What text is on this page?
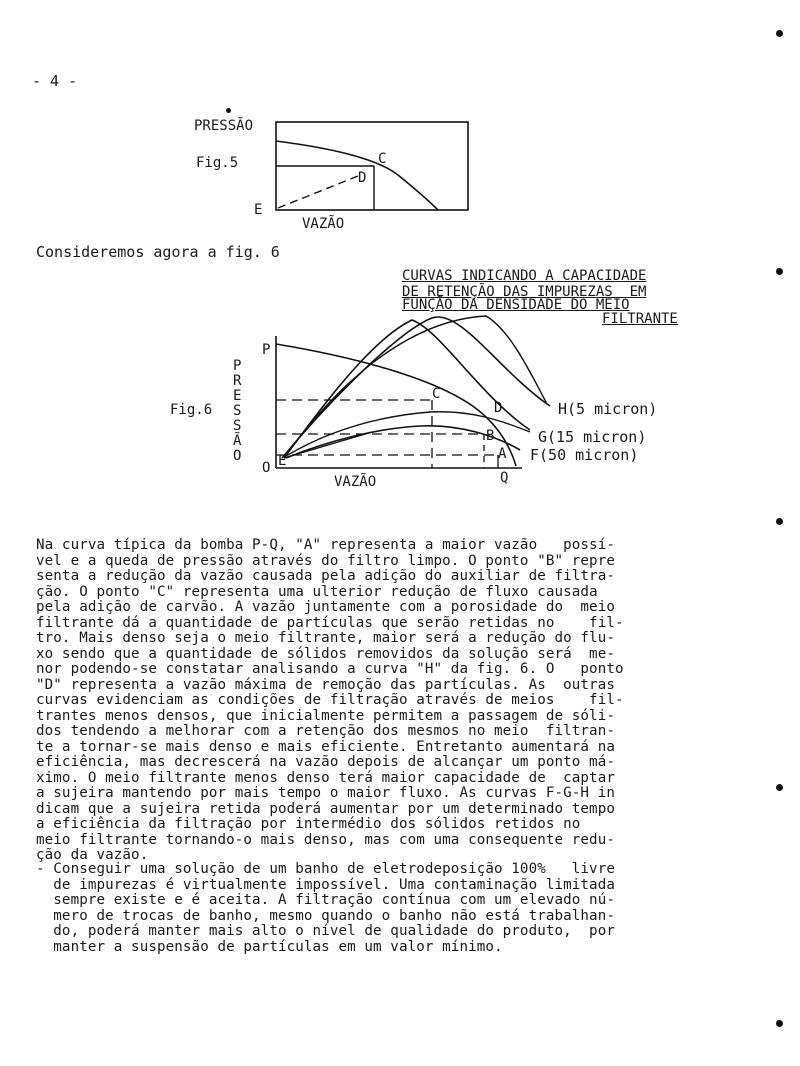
- 4 -
PRESSÃO
Fig.5
VAZÃO
E
C
D
Consideremos agora a fig. 6
CURVAS INDICANDO A CAPACIDADE
DE RETENÇÃO DAS IMPUREZAS  EM
FUNÇÃO DA DENSIDADE DO MEIO
FILTRANTE
Fig.6
P
R
E
S
S
Ã
O
P
O E
C
D
B
A
Q
VAZÃO
H(5 micron)
G(15 micron)
F(50 micron)
Na curva típica da bomba P-Q, "A" representa a maior vazão   possí-
vel e a queda de pressão através do filtro limpo. O ponto "B" repre
senta a redução da vazão causada pela adição do auxiliar de filtra-
ção. O ponto "C" representa uma ulterior redução de fluxo causada
pela adição de carvão. A vazão juntamente com a porosidade do  meio
filtrante dá a quantidade de partículas que serão retidas no    fil-
tro. Mais denso seja o meio filtrante, maior será a redução do flu-
xo sendo que a quantidade de sólidos removidos da solução será  me-
nor podendo-se constatar analisando a curva "H" da fig. 6. O   ponto
"D" representa a vazão máxima de remoção das partículas. As  outras
curvas evidenciam as condições de filtração através de meios    fil-
trantes menos densos, que inicialmente permitem a passagem de sóli-
dos tendendo a melhorar com a retenção dos mesmos no meio  filtran-
te a tornar-se mais denso e mais eficiente. Entretanto aumentará na
eficiência, mas decrescerá na vazão depois de alcançar um ponto má-
ximo. O meio filtrante menos denso terá maior capacidade de  captar
a sujeira mantendo por mais tempo o maior fluxo. As curvas F-G-H in
dicam que a sujeira retida poderá aumentar por um determinado tempo
a eficiência da filtração por intermédio dos sólidos retidos no
meio filtrante tornando-o mais denso, mas com uma consequente redu-
ção da vazão.
- Conseguir uma solução de um banho de eletrodeposição 100%   livre
de impurezas é virtualmente impossível. Uma contaminação limitada
sempre existe e é aceita. A filtração contínua com um elevado nú-
mero de trocas de banho, mesmo quando o banho não está trabalhan-
do, poderá manter mais alto o nível de qualidade do produto,  por
manter a suspensão de partículas em um valor mínimo.
